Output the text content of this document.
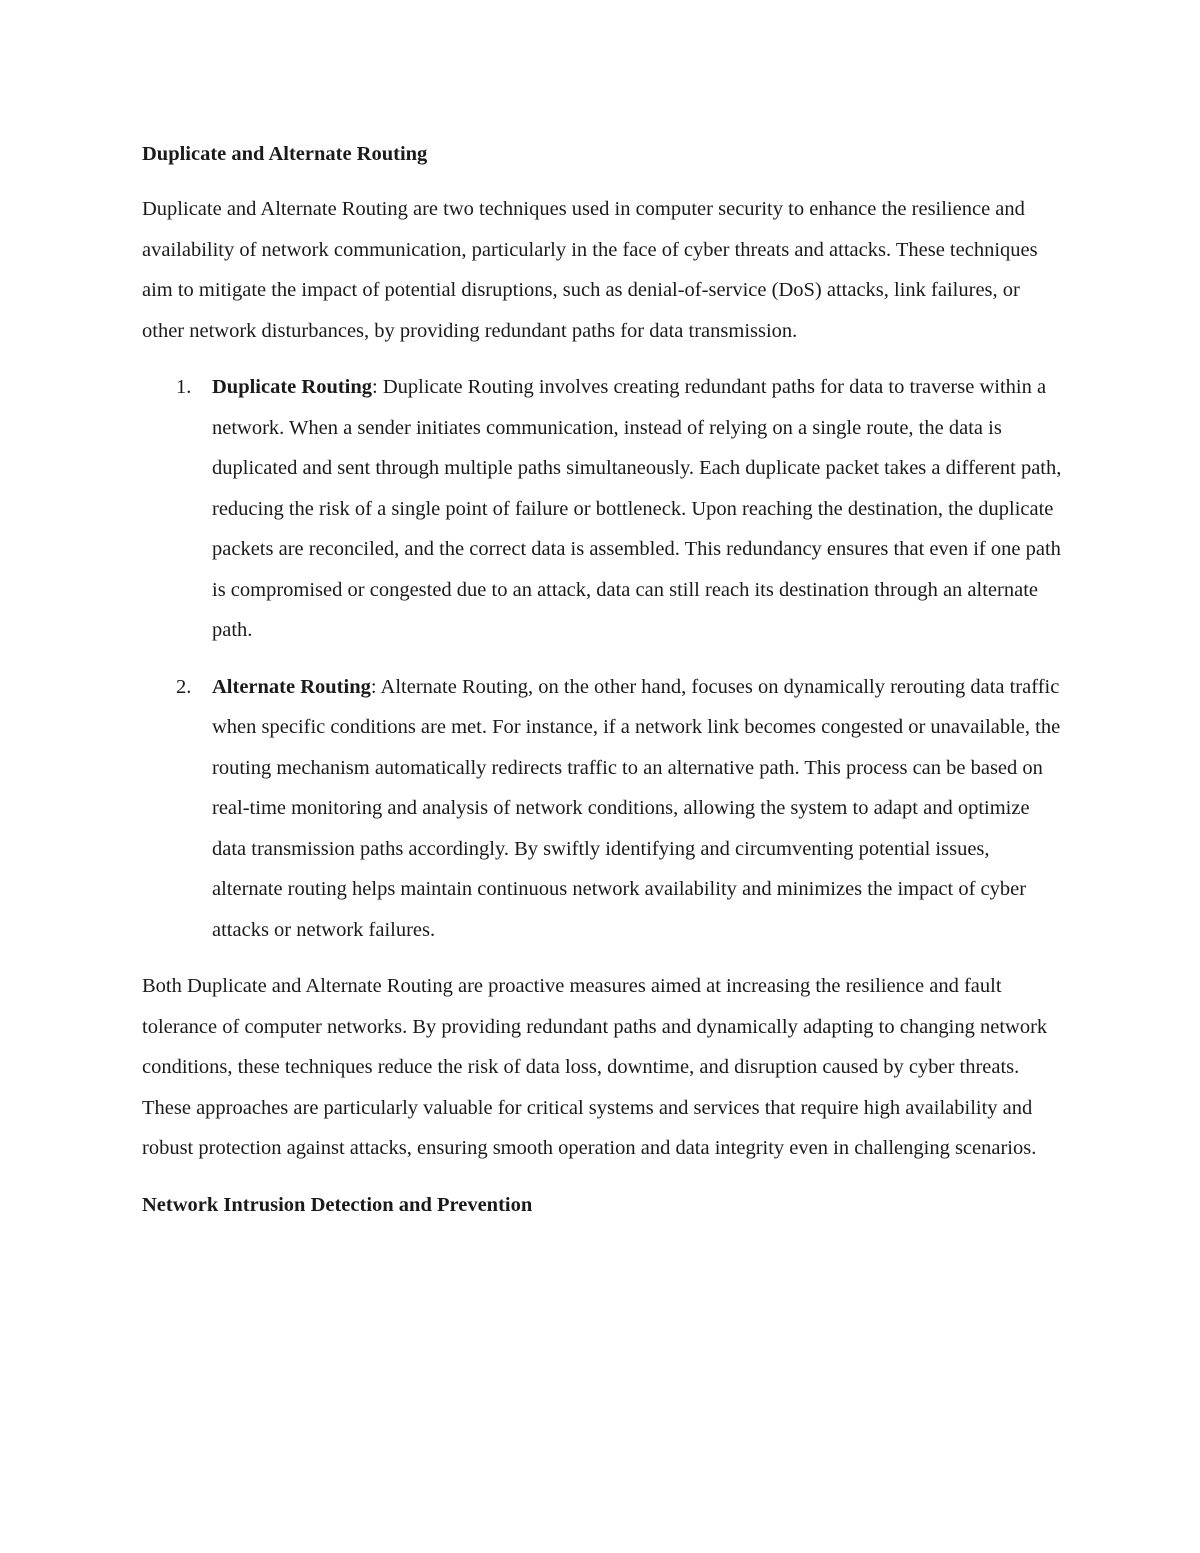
Duplicate and Alternate Routing

Duplicate and Alternate Routing are two techniques used in computer security to enhance the resilience and availability of network communication, particularly in the face of cyber threats and attacks. These techniques aim to mitigate the impact of potential disruptions, such as denial-of-service (DoS) attacks, link failures, or other network disturbances, by providing redundant paths for data transmission.

1. Duplicate Routing: Duplicate Routing involves creating redundant paths for data to traverse within a network. When a sender initiates communication, instead of relying on a single route, the data is duplicated and sent through multiple paths simultaneously. Each duplicate packet takes a different path, reducing the risk of a single point of failure or bottleneck. Upon reaching the destination, the duplicate packets are reconciled, and the correct data is assembled. This redundancy ensures that even if one path is compromised or congested due to an attack, data can still reach its destination through an alternate path.
2. Alternate Routing: Alternate Routing, on the other hand, focuses on dynamically rerouting data traffic when specific conditions are met. For instance, if a network link becomes congested or unavailable, the routing mechanism automatically redirects traffic to an alternative path. This process can be based on real-time monitoring and analysis of network conditions, allowing the system to adapt and optimize data transmission paths accordingly. By swiftly identifying and circumventing potential issues, alternate routing helps maintain continuous network availability and minimizes the impact of cyber attacks or network failures.

Both Duplicate and Alternate Routing are proactive measures aimed at increasing the resilience and fault tolerance of computer networks. By providing redundant paths and dynamically adapting to changing network conditions, these techniques reduce the risk of data loss, downtime, and disruption caused by cyber threats. These approaches are particularly valuable for critical systems and services that require high availability and robust protection against attacks, ensuring smooth operation and data integrity even in challenging scenarios.

Network Intrusion Detection and Prevention
